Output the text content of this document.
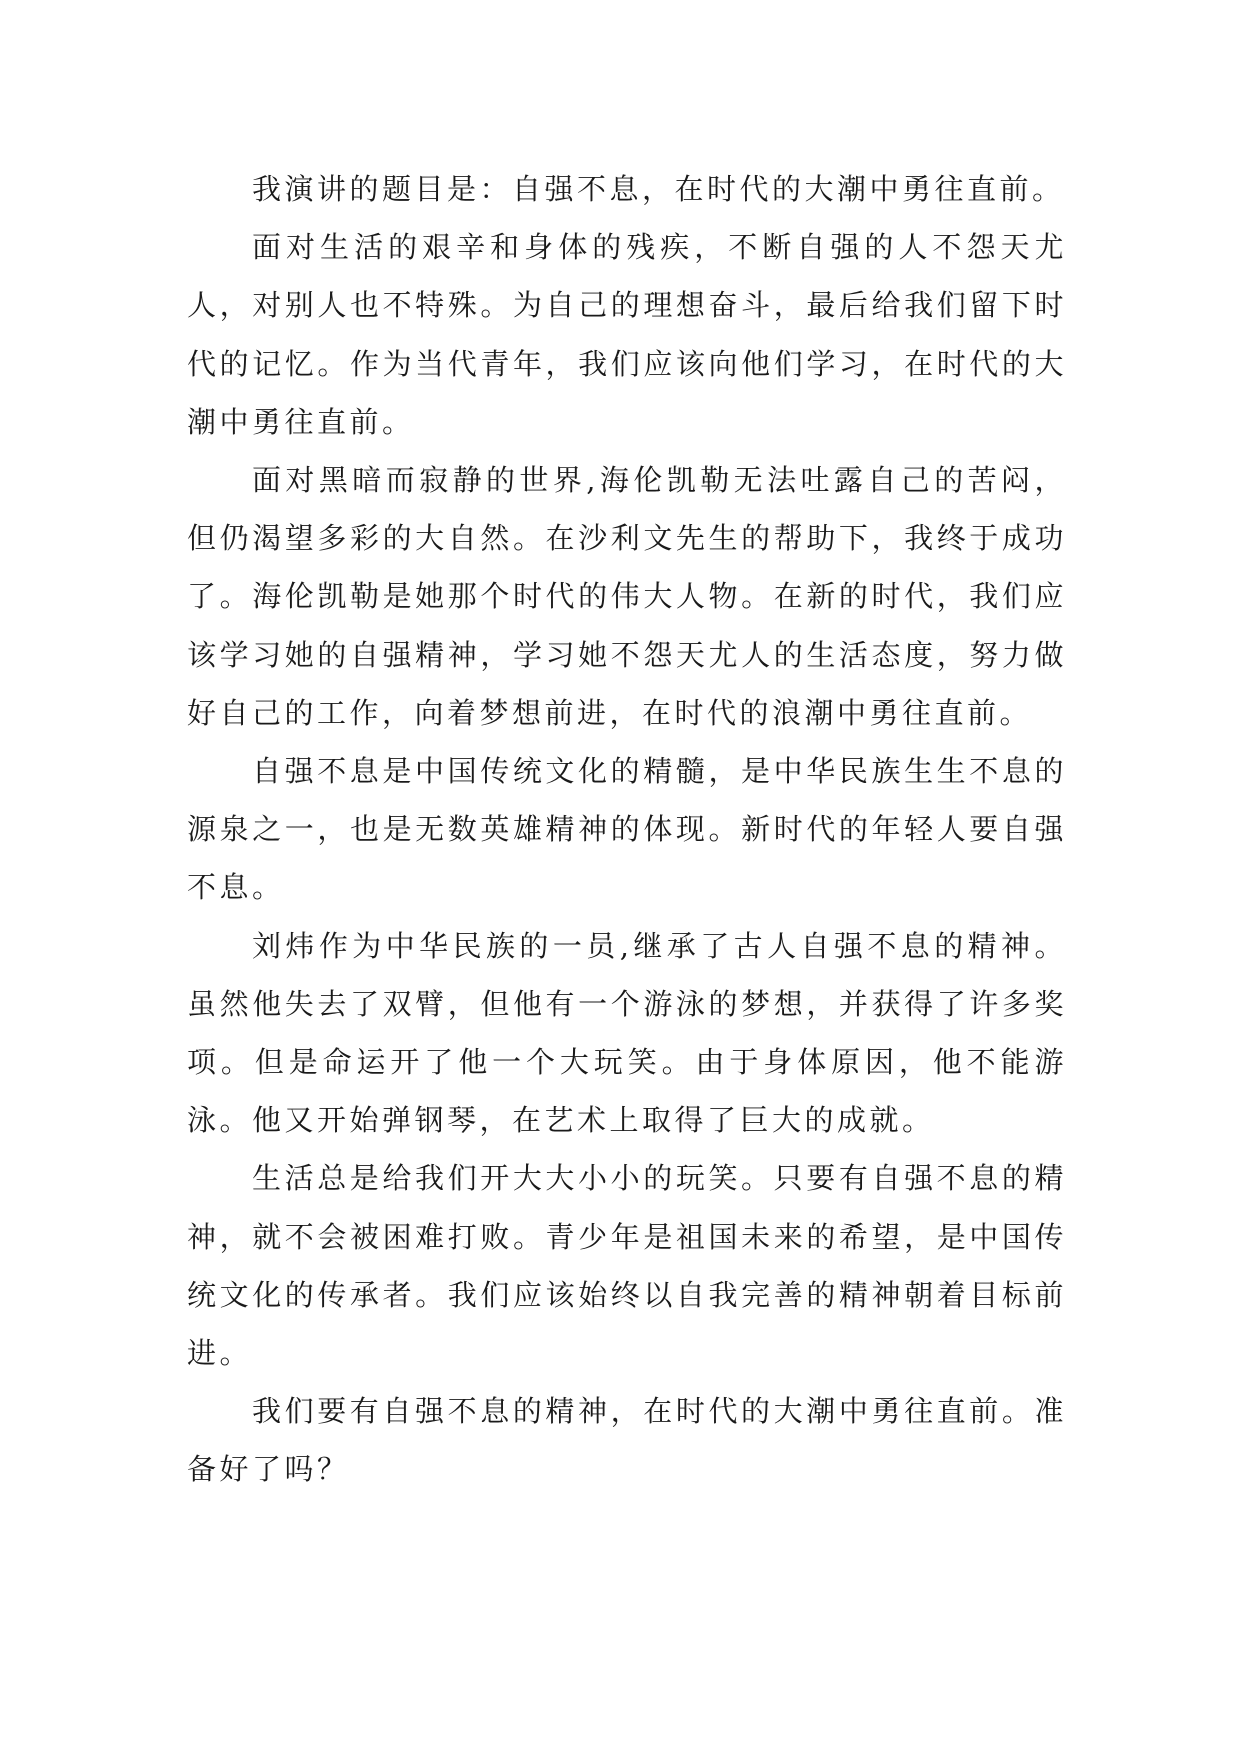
我演讲的题目是：自强不息，在时代的大潮中勇往直前。

面对生活的艰辛和身体的残疾，不断自强的人不怨天尤人，对别人也不特殊。为自己的理想奋斗，最后给我们留下时代的记忆。作为当代青年，我们应该向他们学习，在时代的大潮中勇往直前。

面对黑暗而寂静的世界,海伦凯勒无法吐露自己的苦闷，但仍渴望多彩的大自然。在沙利文先生的帮助下，我终于成功了。海伦凯勒是她那个时代的伟大人物。在新的时代，我们应该学习她的自强精神，学习她不怨天尤人的生活态度，努力做好自己的工作，向着梦想前进，在时代的浪潮中勇往直前。

自强不息是中国传统文化的精髓，是中华民族生生不息的源泉之一，也是无数英雄精神的体现。新时代的年轻人要自强不息。

刘炜作为中华民族的一员,继承了古人自强不息的精神。虽然他失去了双臂，但他有一个游泳的梦想，并获得了许多奖项。但是命运开了他一个大玩笑。由于身体原因，他不能游泳。他又开始弹钢琴，在艺术上取得了巨大的成就。

生活总是给我们开大大小小的玩笑。只要有自强不息的精神，就不会被困难打败。青少年是祖国未来的希望，是中国传统文化的传承者。我们应该始终以自我完善的精神朝着目标前进。

我们要有自强不息的精神，在时代的大潮中勇往直前。准备好了吗？
